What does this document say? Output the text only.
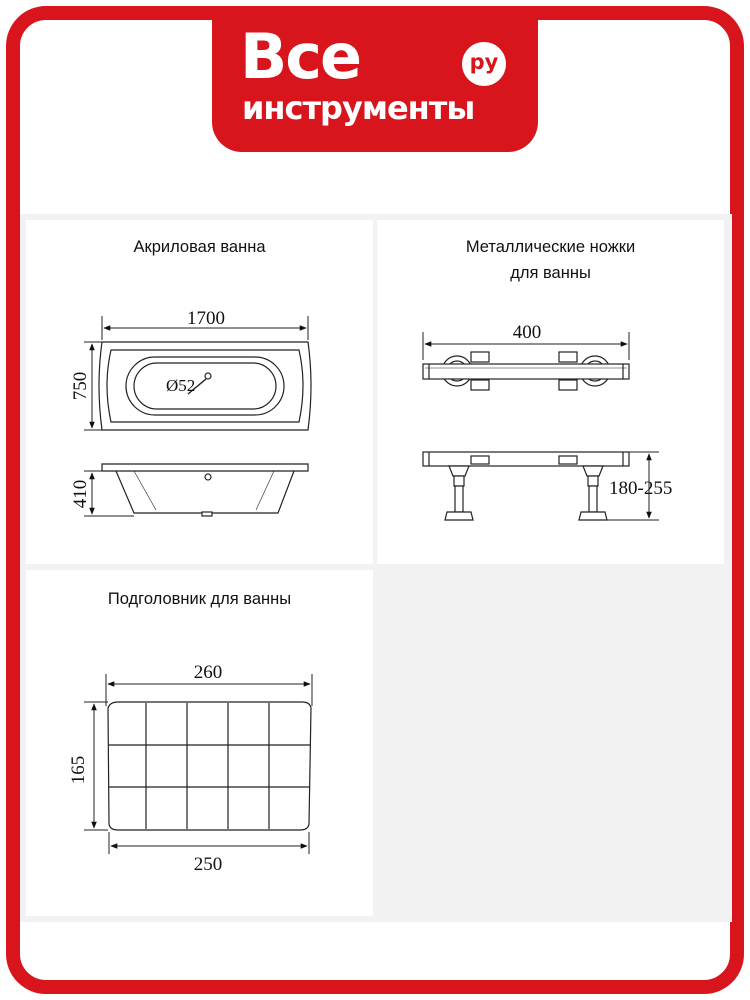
Все
инструменты
ру
Акриловая ванна
Ø52
1700
750
410
Металлические ножки
для ванны
400
180-255
Подголовник для ванны
260
165
250
